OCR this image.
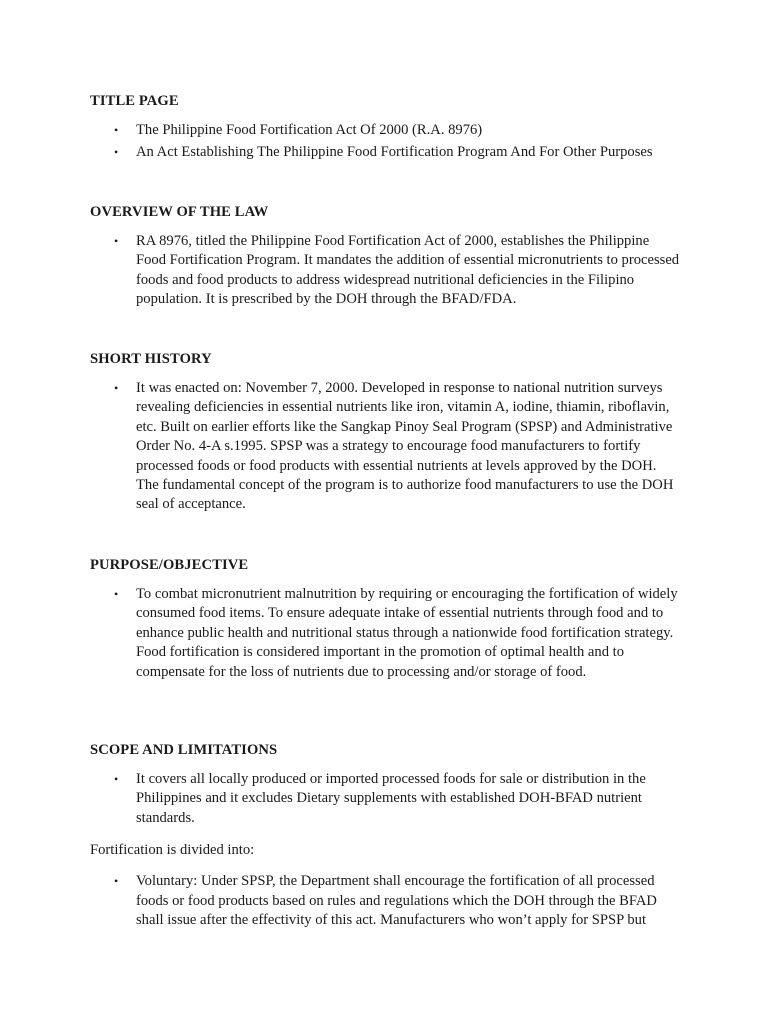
TITLE PAGE

• The Philippine Food Fortification Act Of 2000 (R.A. 8976)
• An Act Establishing The Philippine Food Fortification Program And For Other Purposes

OVERVIEW OF THE LAW

• RA 8976, titled the Philippine Food Fortification Act of 2000, establishes the Philippine Food Fortification Program. It mandates the addition of essential micronutrients to processed foods and food products to address widespread nutritional deficiencies in the Filipino population. It is prescribed by the DOH through the BFAD/FDA.

SHORT HISTORY

• It was enacted on: November 7, 2000. Developed in response to national nutrition surveys revealing deficiencies in essential nutrients like iron, vitamin A, iodine, thiamin, riboflavin, etc. Built on earlier efforts like the Sangkap Pinoy Seal Program (SPSP) and Administrative Order No. 4-A s.1995. SPSP was a strategy to encourage food manufacturers to fortify processed foods or food products with essential nutrients at levels approved by the DOH. The fundamental concept of the program is to authorize food manufacturers to use the DOH seal of acceptance.

PURPOSE/OBJECTIVE

• To combat micronutrient malnutrition by requiring or encouraging the fortification of widely consumed food items. To ensure adequate intake of essential nutrients through food and to enhance public health and nutritional status through a nationwide food fortification strategy. Food fortification is considered important in the promotion of optimal health and to compensate for the loss of nutrients due to processing and/or storage of food.

SCOPE AND LIMITATIONS

• It covers all locally produced or imported processed foods for sale or distribution in the Philippines and it excludes Dietary supplements with established DOH-BFAD nutrient standards.

Fortification is divided into:

• Voluntary: Under SPSP, the Department shall encourage the fortification of all processed foods or food products based on rules and regulations which the DOH through the BFAD shall issue after the effectivity of this act. Manufacturers who won’t apply for SPSP but
